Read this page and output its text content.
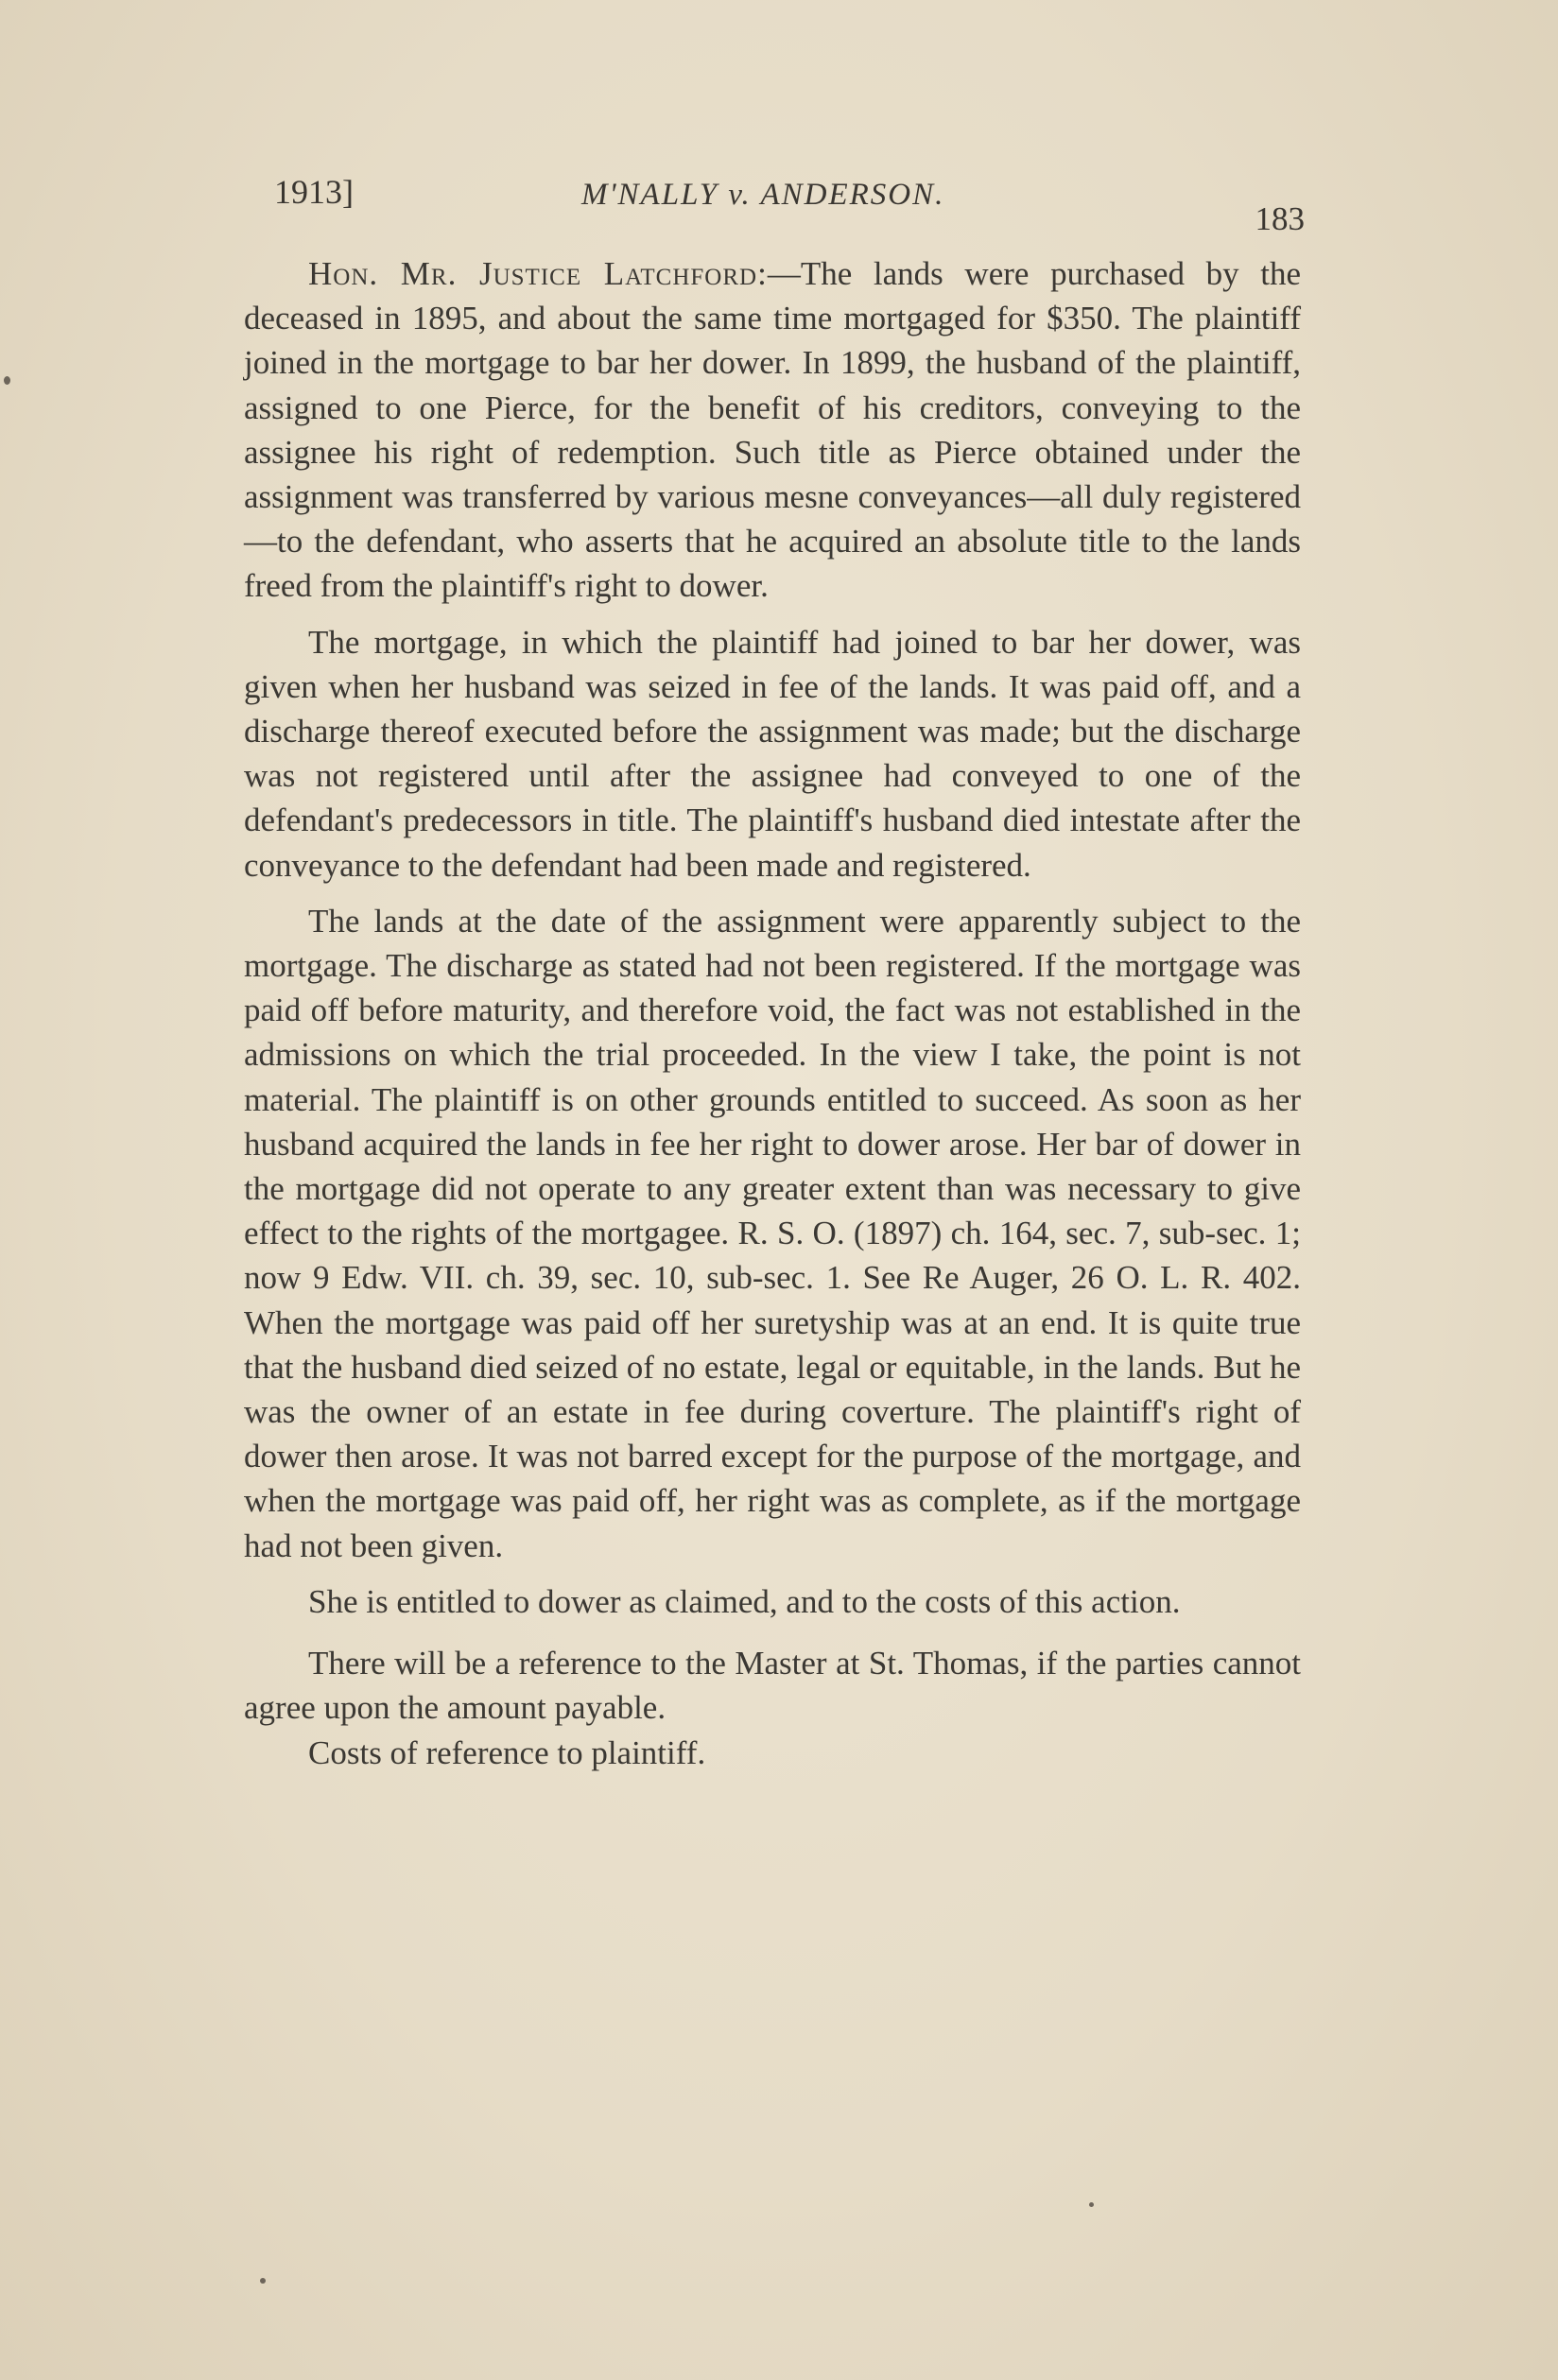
1913]	M'NALLY v. ANDERSON.
183

Hon. Mr. Justice Latchford:—The lands were purchased by the deceased in 1895, and about the same time mortgaged for $350. The plaintiff joined in the mortgage to bar her dower. In 1899, the husband of the plaintiff, assigned to one Pierce, for the benefit of his creditors, conveying to the assignee his right of redemption. Such title as Pierce obtained under the assignment was transferred by various mesne conveyances—all duly registered—to the defendant, who asserts that he acquired an absolute title to the lands freed from the plaintiff's right to dower.

The mortgage, in which the plaintiff had joined to bar her dower, was given when her husband was seized in fee of the lands. It was paid off, and a discharge thereof executed before the assignment was made; but the discharge was not registered until after the assignee had conveyed to one of the defendant's predecessors in title. The plaintiff's husband died intestate after the conveyance to the defendant had been made and registered.

The lands at the date of the assignment were apparently subject to the mortgage. The discharge as stated had not been registered. If the mortgage was paid off before maturity, and therefore void, the fact was not established in the admissions on which the trial proceeded. In the view I take, the point is not material. The plaintiff is on other grounds entitled to succeed. As soon as her husband acquired the lands in fee her right to dower arose. Her bar of dower in the mortgage did not operate to any greater extent than was necessary to give effect to the rights of the mortgagee. R. S. O. (1897) ch. 164, sec. 7, sub-sec. 1; now 9 Edw. VII. ch. 39, sec. 10, sub-sec. 1. See Re Auger, 26 O. L. R. 402. When the mortgage was paid off her suretyship was at an end. It is quite true that the husband died seized of no estate, legal or equitable, in the lands. But he was the owner of an estate in fee during coverture. The plaintiff's right of dower then arose. It was not barred except for the purpose of the mortgage, and when the mortgage was paid off, her right was as complete, as if the mortgage had not been given.

She is entitled to dower as claimed, and to the costs of this action.

There will be a reference to the Master at St. Thomas, if the parties cannot agree upon the amount payable.

Costs of reference to plaintiff.
